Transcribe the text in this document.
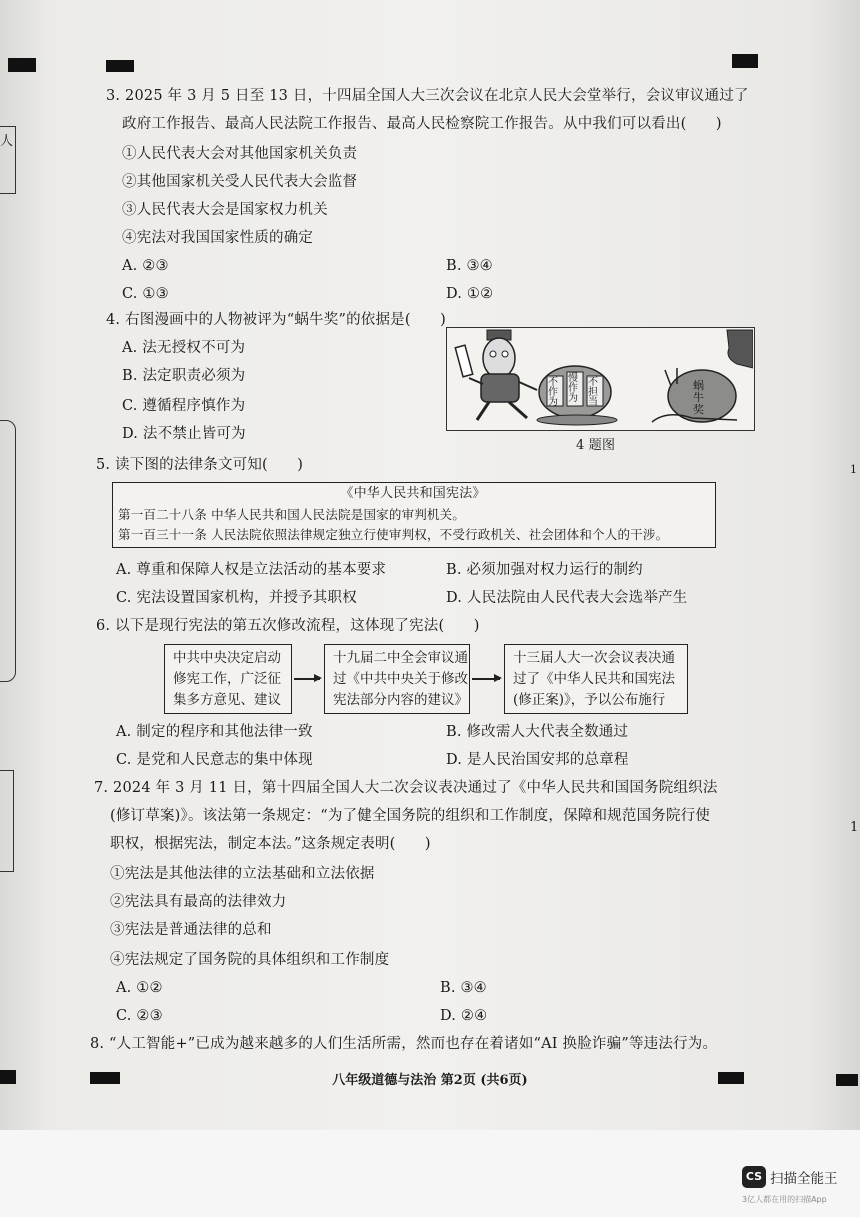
人
1
1
3. 2025 年 3 月 5 日至 13 日，十四届全国人大三次会议在北京人民大会堂举行，会议审议通过了
政府工作报告、最高人民法院工作报告、最高人民检察院工作报告。从中我们可以看出(　　)
①人民代表大会对其他国家机关负责
②其他国家机关受人民代表大会监督
③人民代表大会是国家权力机关
④宪法对我国国家性质的确定
A. ②③	B. ③④
C. ①③	D. ①②
4. 右图漫画中的人物被评为“蜗牛奖”的依据是(　　)
A. 法无授权不可为
B. 法定职责必须为
C. 遵循程序慎作为
D. 法不禁止皆可为
不作为
慢作为
不担当
蜗牛奖
4 题图
5. 读下图的法律条文可知(　　)
《中华人民共和国宪法》
第一百二十八条 中华人民共和国人民法院是国家的审判机关。
第一百三十一条 人民法院依照法律规定独立行使审判权，不受行政机关、社会团体和个人的干涉。
A. 尊重和保障人权是立法活动的基本要求	B. 必须加强对权力运行的制约
C. 宪法设置国家机构，并授予其职权	D. 人民法院由人民代表大会选举产生
6. 以下是现行宪法的第五次修改流程，这体现了宪法(　　)
中共中央决定启动
修宪工作，广泛征
集多方意见、建议
十九届二中全会审议通
过《中共中央关于修改
宪法部分内容的建议》
十三届人大一次会议表决通
过了《中华人民共和国宪法
(修正案)》，予以公布施行
A. 制定的程序和其他法律一致	B. 修改需人大代表全数通过
C. 是党和人民意志的集中体现	D. 是人民治国安邦的总章程
7. 2024 年 3 月 11 日，第十四届全国人大二次会议表决通过了《中华人民共和国国务院组织法
(修订草案)》。该法第一条规定：“为了健全国务院的组织和工作制度，保障和规范国务院行使
职权，根据宪法，制定本法。”这条规定表明(　　)
①宪法是其他法律的立法基础和立法依据
②宪法具有最高的法律效力
③宪法是普通法律的总和
④宪法规定了国务院的具体组织和工作制度
A. ①②	B. ③④
C. ②③	D. ②④
8. “人工智能+”已成为越来越多的人们生活所需，然而也存在着诸如“AI 换脸诈骗”等违法行为。
八年级道德与法治 第2页 (共6页)
CS 扫描全能王
3亿人都在用的扫描App
